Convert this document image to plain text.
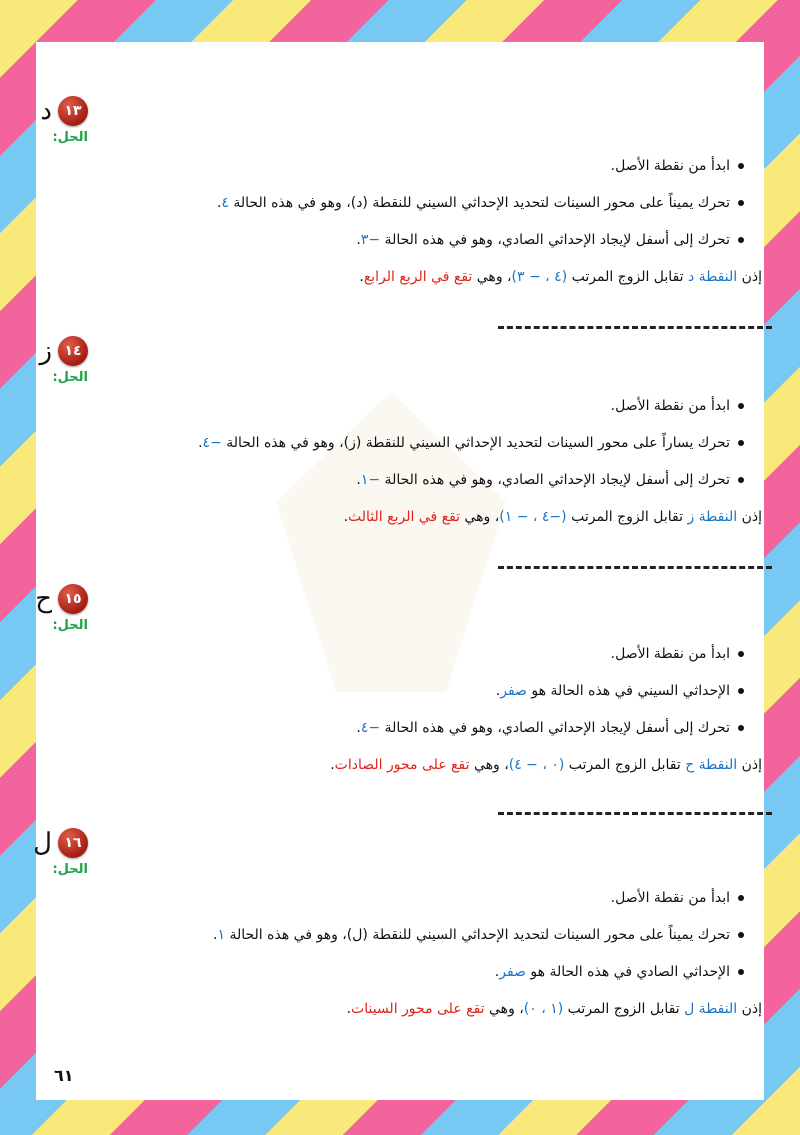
١٣
د
الحل:
ابدأ من نقطة الأصل.
تحرك يميناً على محور السينات لتحديد الإحداثي السيني للنقطة (د)، وهو في هذه الحالة ٤.
تحرك إلى أسفل لإيجاد الإحداثي الصادي، وهو في هذه الحالة −٣.
إذن النقطة د تقابل الزوج المرتب (٤ ، − ٣)، وهي تقع في الربع الرابع.
١٤
ز
الحل:
ابدأ من نقطة الأصل.
تحرك يساراً على محور السينات لتحديد الإحداثي السيني للنقطة (ز)، وهو في هذه الحالة −٤.
تحرك إلى أسفل لإيجاد الإحداثي الصادي، وهو في هذه الحالة −١.
إذن النقطة ز تقابل الزوج المرتب (−٤ ، − ١)، وهي تقع في الربع الثالث.
١٥
ح
الحل:
ابدأ من نقطة الأصل.
الإحداثي السيني في هذه الحالة هو صفر.
تحرك إلى أسفل لإيجاد الإحداثي الصادي، وهو في هذه الحالة −٤.
إذن النقطة ح تقابل الزوج المرتب (٠ ، − ٤)، وهي تقع على محور الصادات.
١٦
ل
الحل:
ابدأ من نقطة الأصل.
تحرك يميناً على محور السينات لتحديد الإحداثي السيني للنقطة (ل)، وهو في هذه الحالة ١.
الإحداثي الصادي في هذه الحالة هو صفر.
إذن النقطة ل تقابل الزوج المرتب (١ ، ٠)، وهي تقع على محور السينات.
٦١
